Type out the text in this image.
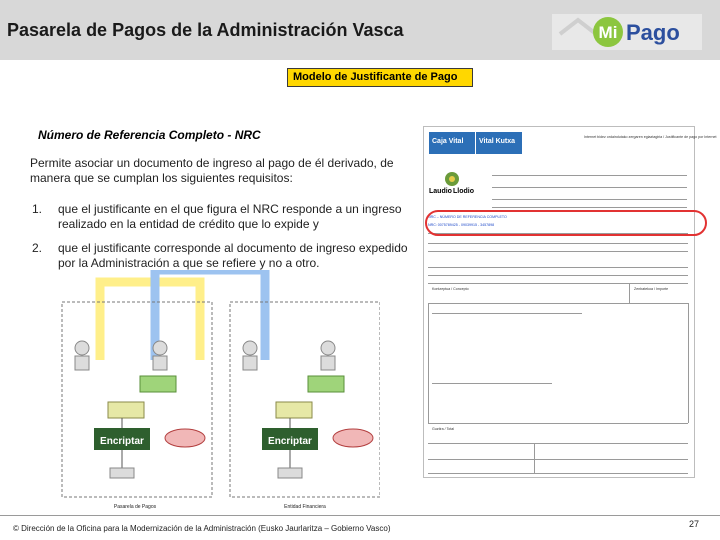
Pasarela de Pagos de la Administración Vasca	Mi Pago
Modelo de Justificante de Pago
Número de Referencia Completo - NRC
Permite asociar un documento de ingreso al pago de él derivado, de manera que se cumplan los siguientes requisitos:
1. que el justificante en el que figura el NRC responde a un ingreso realizado en la entidad de crédito que lo expide y
2. que el justificante corresponde al documento de ingreso expedido por la Administración a que se refiere y no a otro.
Encriptar	Encriptar
Pasarela de Pagos	Entidad Financiera
Caja Vital Vital Kutxa
Internet bidez ordaindutako zergaren egiaztagiria / Justificante de pago por Internet
Laudio Llodio
NRC – NÚMERO DE REFERENCIA COMPLETO
NRC: 0075789425 - 09039915 - 3457898
Kontzeptua / Concepto	Zenbatekoa / Importe
Guztira / Total
© Dirección de la Oficina para la Modernización de la Administración (Eusko Jaurlaritza – Gobierno Vasco)	27
